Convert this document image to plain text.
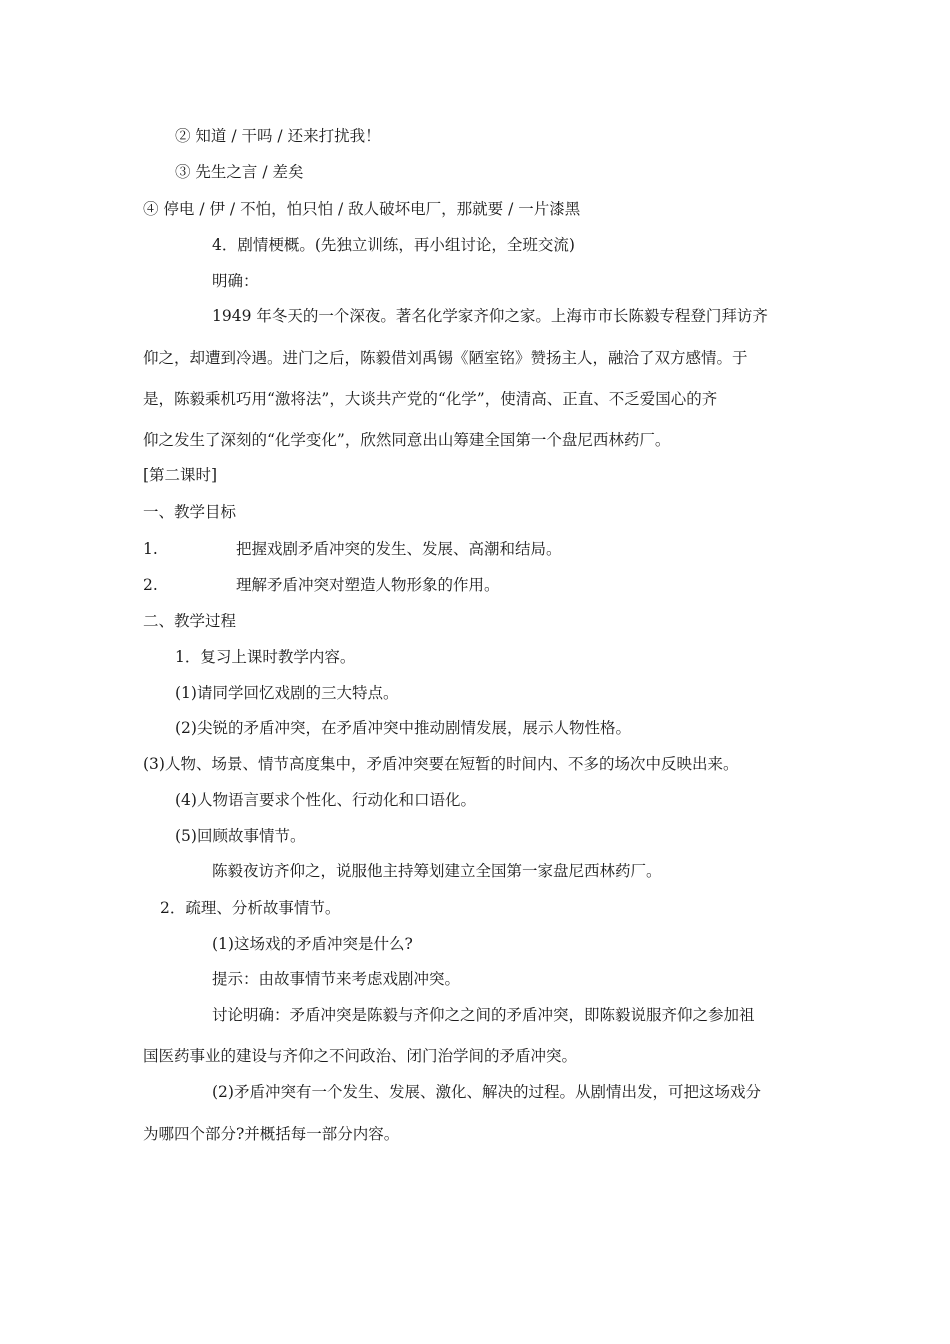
② 知道 / 干吗 / 还来打扰我！
③ 先生之言 / 差矣
④ 停电 / 伊 / 不怕，怕只怕 / 敌人破坏电厂，那就要 / 一片漆黑
4．剧情梗概。(先独立训练，再小组讨论，全班交流)
明确：
1949 年冬天的一个深夜。著名化学家齐仰之家。上海市市长陈毅专程登门拜访齐
仰之，却遭到冷遇。进门之后，陈毅借刘禹锡《陋室铭》赞扬主人，融洽了双方感情。于
是，陈毅乘机巧用“激将法”，大谈共产党的“化学”，使清高、正直、不乏爱国心的齐
仰之发生了深刻的“化学变化”，欣然同意出山筹建全国第一个盘尼西林药厂。
[第二课时]
一、教学目标
1.	把握戏剧矛盾冲突的发生、发展、高潮和结局。
2.	理解矛盾冲突对塑造人物形象的作用。
二、教学过程
1．复习上课时教学内容。
(1)请同学回忆戏剧的三大特点。
(2)尖锐的矛盾冲突，在矛盾冲突中推动剧情发展，展示人物性格。
(3)人物、场景、情节高度集中，矛盾冲突要在短暂的时间内、不多的场次中反映出来。
(4)人物语言要求个性化、行动化和口语化。
(5)回顾故事情节。
陈毅夜访齐仰之，说服他主持筹划建立全国第一家盘尼西林药厂。
2．疏理、分析故事情节。
(1)这场戏的矛盾冲突是什么?
提示：由故事情节来考虑戏剧冲突。
讨论明确：矛盾冲突是陈毅与齐仰之之间的矛盾冲突，即陈毅说服齐仰之参加祖
国医药事业的建设与齐仰之不问政治、闭门治学间的矛盾冲突。
(2)矛盾冲突有一个发生、发展、激化、解决的过程。从剧情出发，可把这场戏分
为哪四个部分?并概括每一部分内容。
